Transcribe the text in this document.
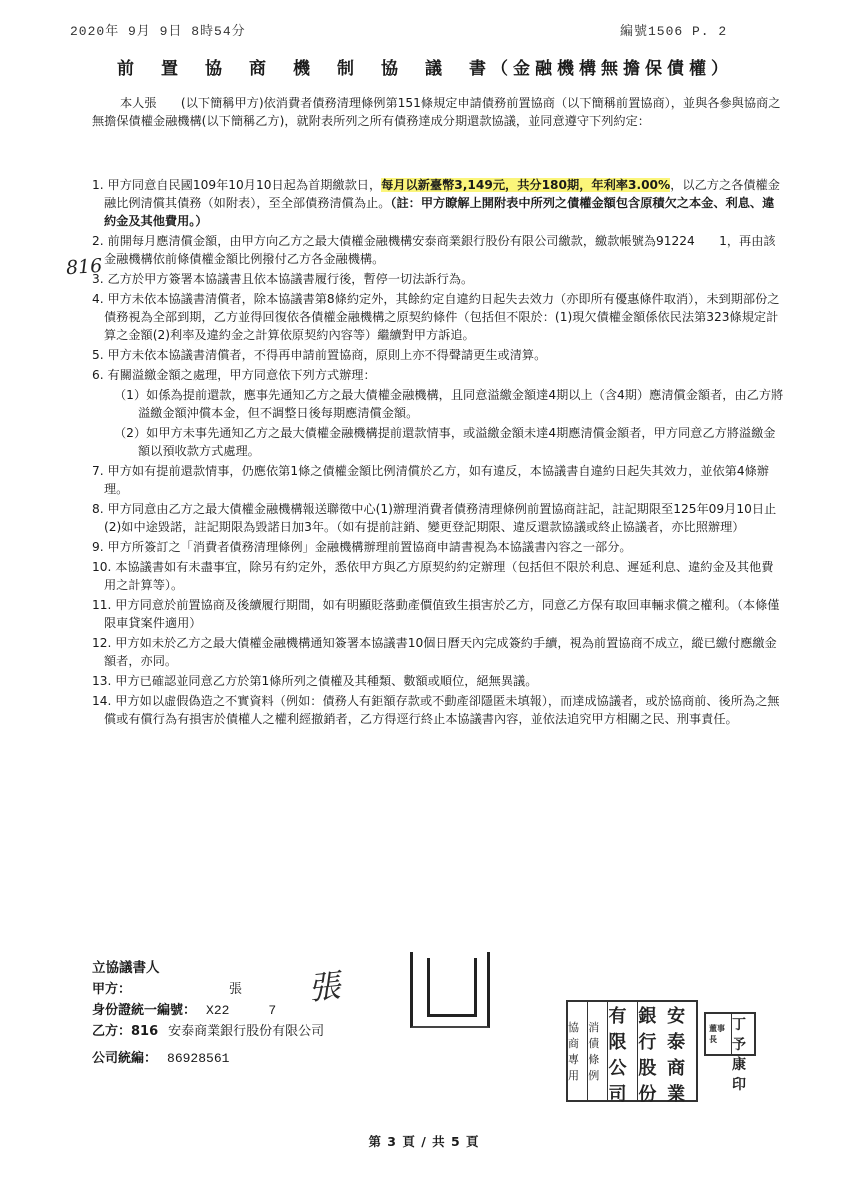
2020年 9月 9日 8時54分	編號1506 P. 2
前　置　協　商　機　制　協　議　書（金融機構無擔保債權）
本人張　　(以下簡稱甲方)依消費者債務清理條例第151條規定申請債務前置協商（以下簡稱前置協商），並與各參與協商之無擔保債權金融機構(以下簡稱乙方)，就附表所列之所有債務達成分期還款協議，並同意遵守下列約定：
816
1. 甲方同意自民國109年10月10日起為首期繳款日，每月以新臺幣3,149元，共分180期，年利率3.00%，以乙方之各債權金融比例清償其債務（如附表），至全部債務清償為止。（註：甲方瞭解上開附表中所列之債權金額包含原積欠之本金、利息、違約金及其他費用。）
2. 前開每月應清償金額，由甲方向乙方之最大債權金融機構安泰商業銀行股份有限公司繳款，繳款帳號為91224　　1，再由該金融機構依前條債權金額比例撥付乙方各金融機構。
3. 乙方於甲方簽署本協議書且依本協議書履行後，暫停一切法訴行為。
4. 甲方未依本協議書清償者，除本協議書第8條約定外，其餘約定自違約日起失去效力（亦即所有優惠條件取消），未到期部份之債務視為全部到期，乙方並得回復依各債權金融機構之原契約條件（包括但不限於：(1)現欠債權金額係依民法第323條規定計算之金額(2)利率及違約金之計算依原契約內容等）繼續對甲方訴追。
5. 甲方未依本協議書清償者，不得再申請前置協商，原則上亦不得聲請更生或清算。
6. 有關溢繳金額之處理，甲方同意依下列方式辦理：
（1）如係為提前還款，應事先通知乙方之最大債權金融機構，且同意溢繳金額達4期以上（含4期）應清償金額者，由乙方將溢繳金額沖償本金，但不調整日後每期應清償金額。
（2）如甲方未事先通知乙方之最大債權金融機構提前還款情事，或溢繳金額未達4期應清償金額者，甲方同意乙方將溢繳金額以預收款方式處理。
7. 甲方如有提前還款情事，仍應依第1條之債權金額比例清償於乙方，如有違反，本協議書自違約日起失其效力，並依第4條辦理。
8. 甲方同意由乙方之最大債權金融機構報送聯徵中心(1)辦理消費者債務清理條例前置協商註記，註記期限至125年09月10日止(2)如中途毀諾，註記期限為毀諾日加3年。（如有提前註銷、變更登記期限、違反還款協議或終止協議者，亦比照辦理）
9. 甲方所簽訂之「消費者債務清理條例」金融機構辦理前置協商申請書視為本協議書內容之一部分。
10. 本協議書如有未盡事宜，除另有約定外，悉依甲方與乙方原契約約定辦理（包括但不限於利息、遲延利息、違約金及其他費用之計算等）。
11. 甲方同意於前置協商及後續履行期間，如有明顯貶落動產價值致生損害於乙方，同意乙方保有取回車輛求償之權利。（本條僅限車貸案件適用）
12. 甲方如未於乙方之最大債權金融機構通知簽署本協議書10個日曆天內完成簽約手續，視為前置協商不成立，縱已繳付應繳金額者，亦同。
13. 甲方已確認並同意乙方於第1條所列之債權及其種類、數額或順位，絕無異議。
14. 甲方如以虛假偽造之不實資料（例如：債務人有鉅額存款或不動產卻隱匿未填報），而達成協議者，或於協商前、後所為之無償或有償行為有損害於債權人之權利經撤銷者，乙方得逕行終止本協議書內容，並依法追究甲方相關之民、刑事責任。
立協議書人
甲方：	張
身份證統一編號： X22　　　7
乙方：816 安泰商業銀行股份有限公司
公司統編： 86928561
張
安泰商業
銀行股份
有限公司
消債條例
協商專用
丁予康印
董事長
第 3 頁 / 共 5 頁
